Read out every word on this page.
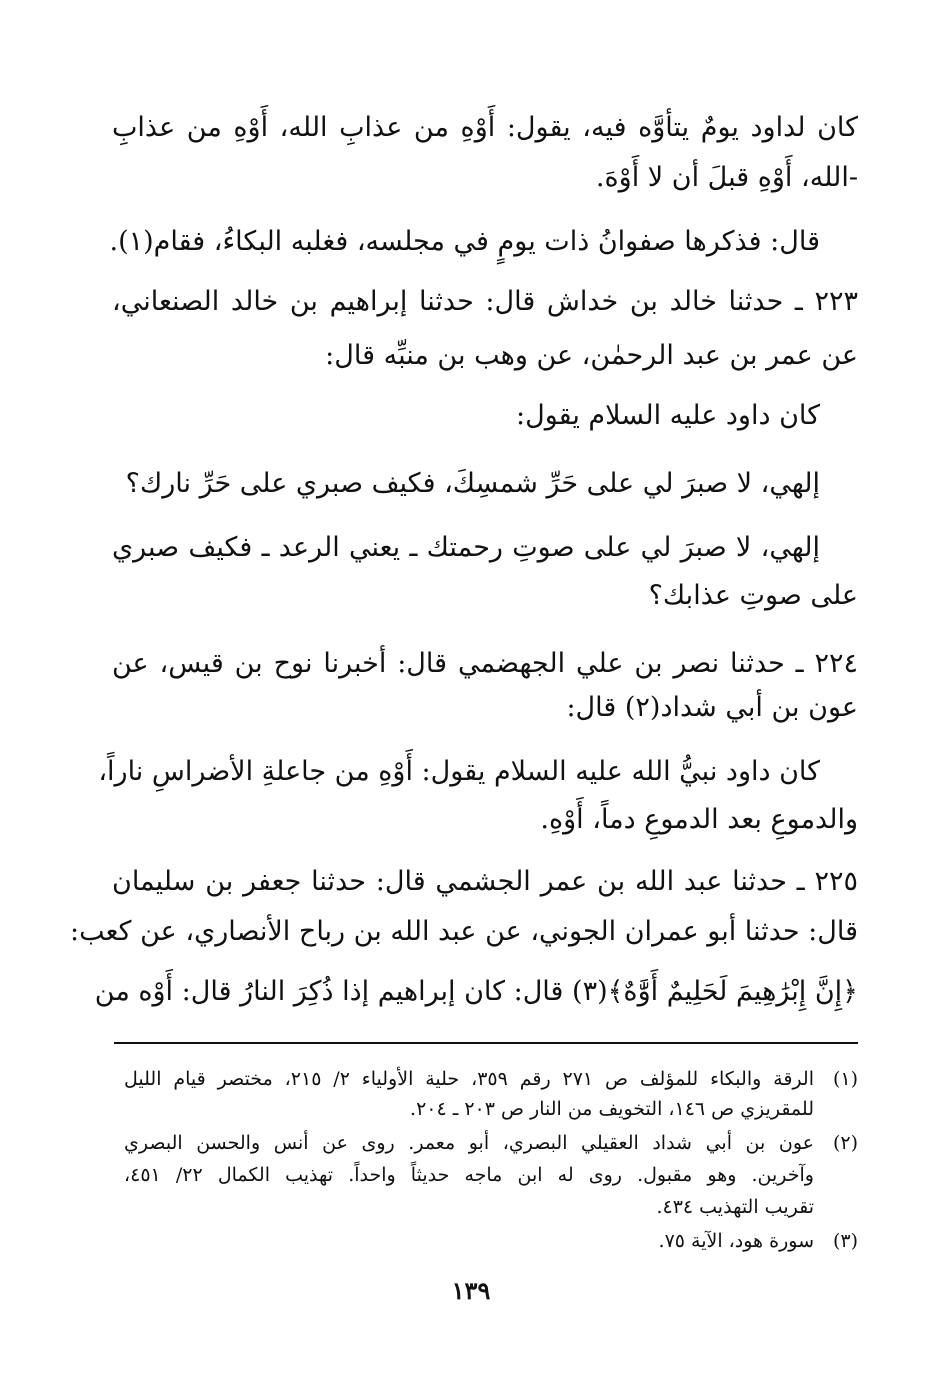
كان لداود يومٌ يتأوَّه فيه، يقول: أَوْهِ من عذابِ الله، أَوْهِ من عذابِ
-الله، أَوْهِ قبلَ أن لا أَوْهَ.
قال: فذكرها صفوانُ ذات يومٍ في مجلسه، فغلبه البكاءُ، فقام(١).
٢٢٣ ـ حدثنا خالد بن خداش قال: حدثنا إبراهيم بن خالد الصنعاني،
عن عمر بن عبد الرحمٰن، عن وهب بن منبِّه قال:
كان داود عليه السلام يقول:
إلهي، لا صبرَ لي على حَرِّ شمسِكَ، فكيف صبري على حَرِّ نارك؟
إلهي، لا صبرَ لي على صوتِ رحمتك ـ يعني الرعد ـ فكيف صبري
على صوتِ عذابك؟
٢٢٤ ـ حدثنا نصر بن علي الجهضمي قال: أخبرنا نوح بن قيس، عن
عون بن أبي شداد(٢) قال:
كان داود نبيُّ الله عليه السلام يقول: أَوْهِ من جاعلةِ الأضراسِ ناراً،
والدموعِ بعد الدموعِ دماً، أَوْهِ.
٢٢٥ ـ حدثنا عبد الله بن عمر الجشمي قال: حدثنا جعفر بن سليمان
قال: حدثنا أبو عمران الجوني، عن عبد الله بن رباح الأنصاري، عن كعب:
﴿إِنَّ إِبْرَٰهِيمَ لَحَلِيمٌ أَوَّٰهٌ﴾(٣) قال: كان إبراهيم إذا ذُكِرَ النارُ قال: أَوْه من
(١)الرقة والبكاء للمؤلف ص ٢٧١ رقم ٣٥٩، حلية الأولياء ٢/ ٢١٥، مختصر قيام الليل
للمقريزي ص ١٤٦، التخويف من النار ص ٢٠٣ ـ ٢٠٤.
(٢)عون بن أبي شداد العقيلي البصري، أبو معمر. روى عن أنس والحسن البصري
وآخرين. وهو مقبول. روى له ابن ماجه حديثاً واحداً. تهذيب الكمال ٢٢/ ٤٥١،
تقريب التهذيب ٤٣٤.
(٣)سورة هود، الآية ٧٥.
١٣٩
